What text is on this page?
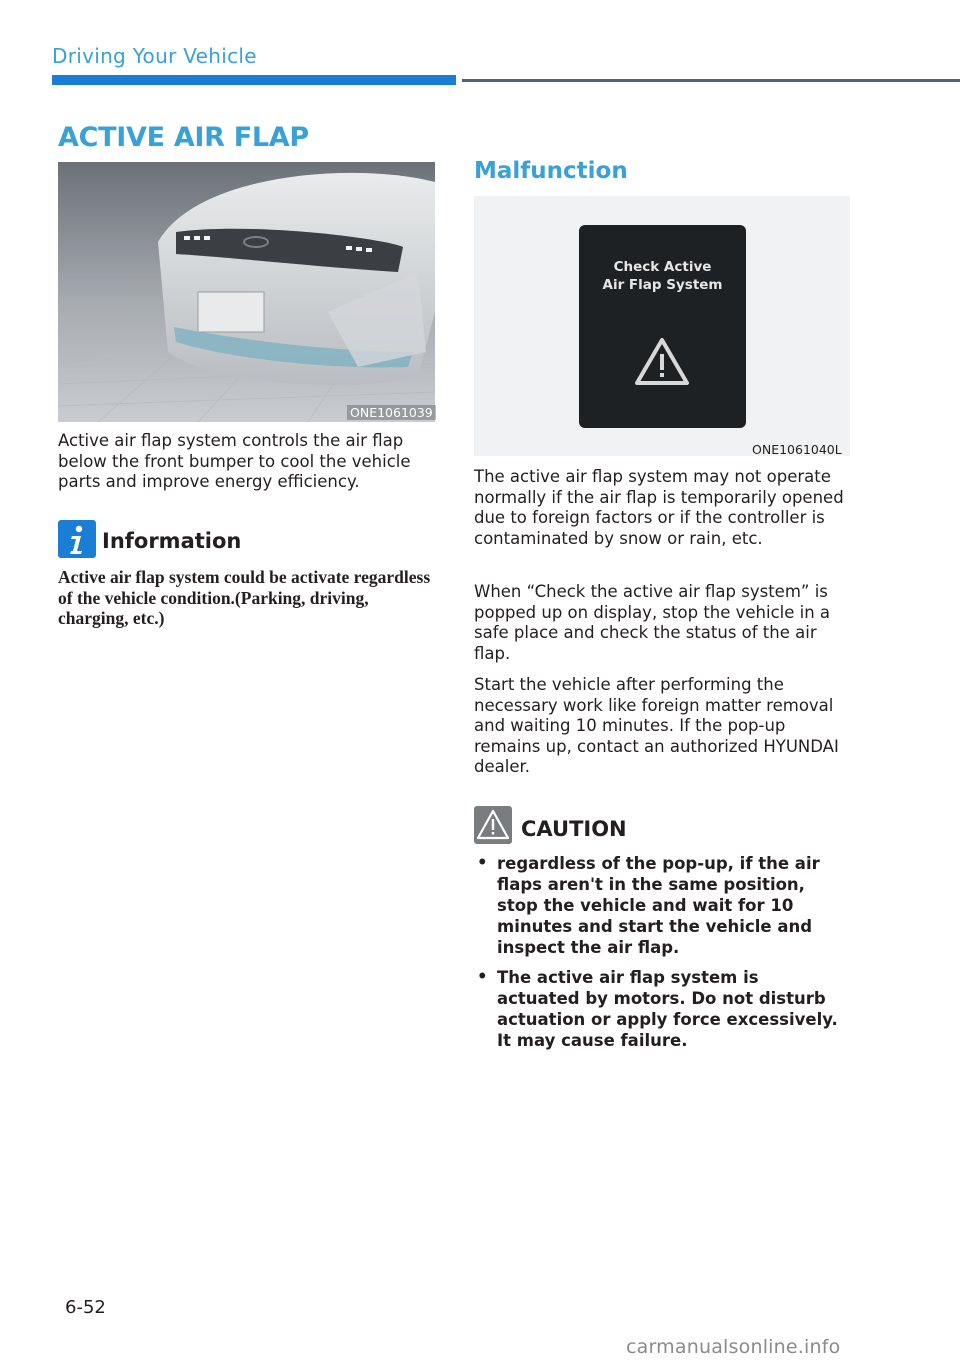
Driving Your Vehicle
ACTIVE AIR FLAP
ONE1061039
Active air flap system controls the air flap below the front bumper to cool the vehicle parts and improve energy efficiency.
Information
Active air flap system could be activate regardless of the vehicle condition.(Parking, driving, charging, etc.)
Malfunction
Check Active
Air Flap System
ONE1061040L
The active air flap system may not operate normally if the air flap is temporarily opened due to foreign factors or if the controller is contaminated by snow or rain, etc.
When “Check the active air flap system” is popped up on display, stop the vehicle in a safe place and check the status of the air flap.
Start the vehicle after performing the necessary work like foreign matter removal and waiting 10 minutes. If the pop-up remains up, contact an authorized HYUNDAI dealer.
CAUTION
• regardless of the pop-up, if the air flaps aren't in the same position, stop the vehicle and wait for 10 minutes and start the vehicle and inspect the air flap.
• The active air flap system is actuated by motors. Do not disturb actuation or apply force excessively. It may cause failure.
6-52
carmanualsonline.info
